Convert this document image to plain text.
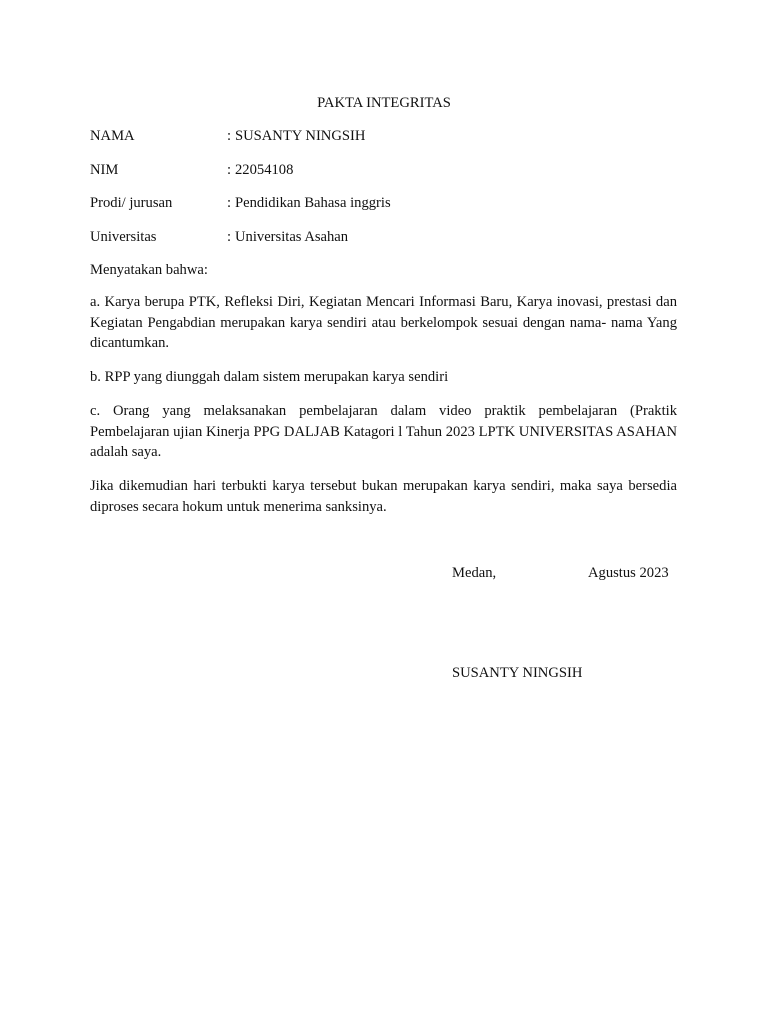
PAKTA INTEGRITAS
NAMA	: SUSANTY NINGSIH
NIM	: 22054108
Prodi/ jurusan	: Pendidikan Bahasa inggris
Universitas	: Universitas Asahan

Menyatakan bahwa:

a. Karya berupa PTK, Refleksi Diri, Kegiatan Mencari Informasi Baru, Karya inovasi, prestasi dan Kegiatan Pengabdian merupakan karya sendiri atau berkelompok sesuai dengan nama- nama Yang dicantumkan.

b. RPP yang diunggah dalam sistem merupakan karya sendiri

c. Orang yang melaksanakan pembelajaran dalam video praktik pembelajaran (Praktik Pembelajaran ujian Kinerja PPG DALJAB Katagori l Tahun 2023 LPTK UNIVERSITAS ASAHAN adalah saya.

Jika dikemudian hari terbukti karya tersebut bukan merupakan karya sendiri, maka saya bersedia diproses secara hokum untuk menerima sanksinya.

Medan,	Agustus 2023
SUSANTY NINGSIH
